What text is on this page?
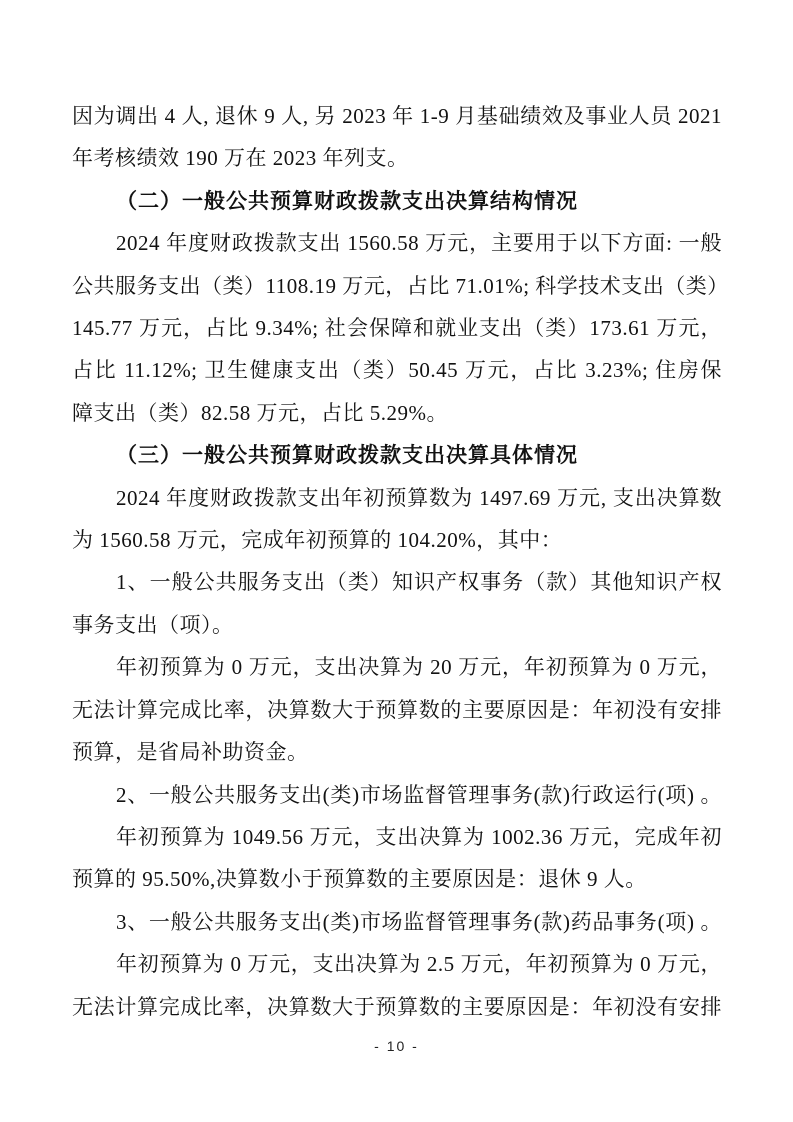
因为调出 4 人, 退休 9 人, 另 2023 年 1-9 月基础绩效及事业人员 2021
年考核绩效 190 万在 2023 年列支。
（二）一般公共预算财政拨款支出决算结构情况
2024 年度财政拨款支出 1560.58 万元，主要用于以下方面: 一般
公共服务支出（类）1108.19 万元，占比 71.01%; 科学技术支出（类）
145.77 万元，占比 9.34%; 社会保障和就业支出（类）173.61 万元，
占比 11.12%; 卫生健康支出（类）50.45 万元，占比 3.23%; 住房保
障支出（类）82.58 万元，占比 5.29%。
（三）一般公共预算财政拨款支出决算具体情况
2024 年度财政拨款支出年初预算数为 1497.69 万元, 支出决算数
为 1560.58 万元，完成年初预算的 104.20%，其中：
1、一般公共服务支出（类）知识产权事务（款）其他知识产权
事务支出（项）。
年初预算为 0 万元，支出决算为 20 万元，年初预算为 0 万元，
无法计算完成比率，决算数大于预算数的主要原因是：年初没有安排
预算，是省局补助资金。
2、一般公共服务支出(类)市场监督管理事务(款)行政运行(项) 。
年初预算为 1049.56 万元，支出决算为 1002.36 万元，完成年初
预算的 95.50%,决算数小于预算数的主要原因是：退休 9 人。
3、一般公共服务支出(类)市场监督管理事务(款)药品事务(项) 。
年初预算为 0 万元，支出决算为 2.5 万元，年初预算为 0 万元，
无法计算完成比率，决算数大于预算数的主要原因是：年初没有安排
- 10 -
